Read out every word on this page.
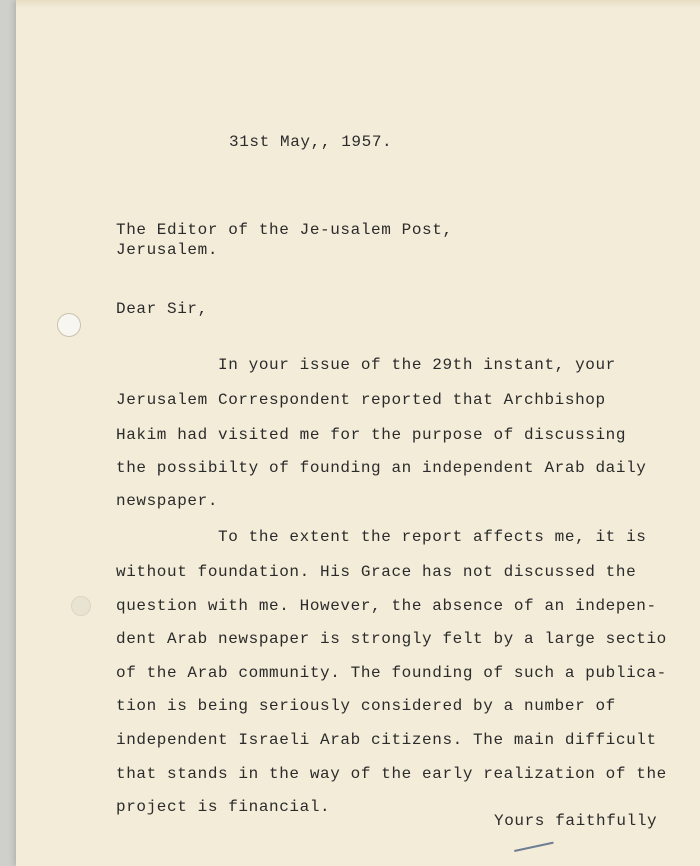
31st May,, 1957.
The Editor of the Je-usalem Post,
Jerusalem.
Dear Sir,
In your issue of the 29th instant, your
Jerusalem Correspondent reported that Archbishop
Hakim had visited me for the purpose of discussing
the possibilty of founding an independent Arab daily
newspaper.
To the extent the report affects me, it is
without foundation. His Grace has not discussed the
question with me. However, the absence of an indepen-
dent Arab newspaper is strongly felt by a large sectio
of the Arab community. The founding of such a publica-
tion is being seriously considered by a number of
independent Israeli Arab citizens. The main difficult
that stands in the way of the early realization of the
project is financial.
Yours faithfully
